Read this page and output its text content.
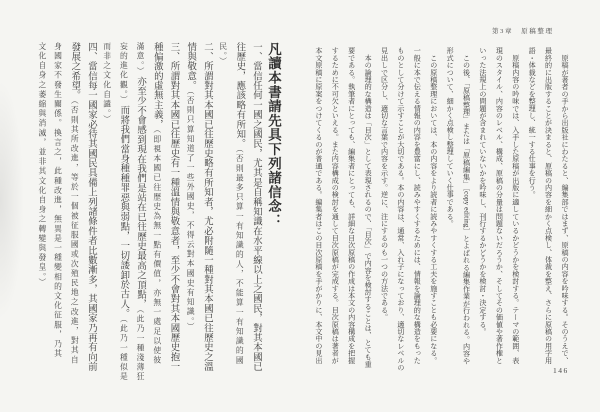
凡讀本書請先具下列諸信念：
一、當信任何一國之國民，尤其是自稱知識在水平線以上之國民，對其本國已
往歷史，應該略有所知。（否則最多只算一有知識的人，不能算一有知識的國
民。）
二、所謂對其本國已往歷史略有所知者，尤必附隨一種對其本國已往歷史之溫
情與敬意。（否則只算知道了一些外國史，不得云對本國史有知識。）
三、所謂對其本國已往歷史有一種溫情與敬意者，至少不會對其本國歷史抱一
種偏激的虛無主義，（即視本國已往歷史為無一點有價值，亦無一處足以使彼
滿意。）亦至少不會感到現在我們是站在已往歷史最高之頂點，（此乃一種淺薄狂
妄的進化觀。）而將我們當身種種罪惡與弱點，一切諉卸於古人。（此乃一種似是
而非之文化自譴。）
四、當信每一國家必待其國民具備上列諸條件者比數漸多，其國家乃再有向前
發展之希望。（否則其所改進，等於一個被征服國或次殖民地之改進，對其自
身國家不發生關係。換言之，此種改進，無異是一種變相的文化征服，乃其
文化自身之萎縮與消滅，並非其文化自身之轉變與發皇。）
第3章　原稿整理
　原稿が著者の手から出版社にわたると、編集部ではまず、原稿の内容を吟味する。そのうえで、
最終的に出版することが決まると、原稿の内容を細かく点検し、体裁を整え、さらに原稿の用字用
語・体裁などを整理し、統一する仕事を行う。
　原稿内容の吟味では、入手した原稿が出版に適しているかどうかを検討する。テーマの範囲、表
現のスタイル、内容のレベル、構成、原稿の分量は問題ないだろうか、そしてその価値や著作権と
いった法規上の問題が含まれていないかを吟味し、刊行するかどうかを検討・決定する。
　この後、「原稿整理」または「原稿編集」〔copy editing〕とよばれる編集作業が行われる。内容や
形式について、細かく点検し整理していく仕事である。
　この原稿整理においては、本の内容をより読者に読みやすくする工夫を施すことも必要になる。
一般に本で伝える情報の内容を豊富にし、読みやすくするためには、情報を論理的な構造をもった
ものとして分けて示すことが大切である。本の内容は、通常、入れ子になっており、適切なレベルの
見出しで区分し、適切な言葉で内容を示す。逆に、注にするのも一つの方法である。
　本の論理的な構造は「目次」として表現されるので、「目次」で内容を検討することは、とても重
要である。執筆者にとっても、編集者にとっても、詳細な目次原稿の作成は本文の内容構成を把握
するために不可欠といえる。また内容構成の検討を通して目次原稿が完成する。目次原稿は著者が
本文原稿に原案をつけてくるのが普通である。編集者はこの目次原稿を手がかりに、本文中の見出
146
